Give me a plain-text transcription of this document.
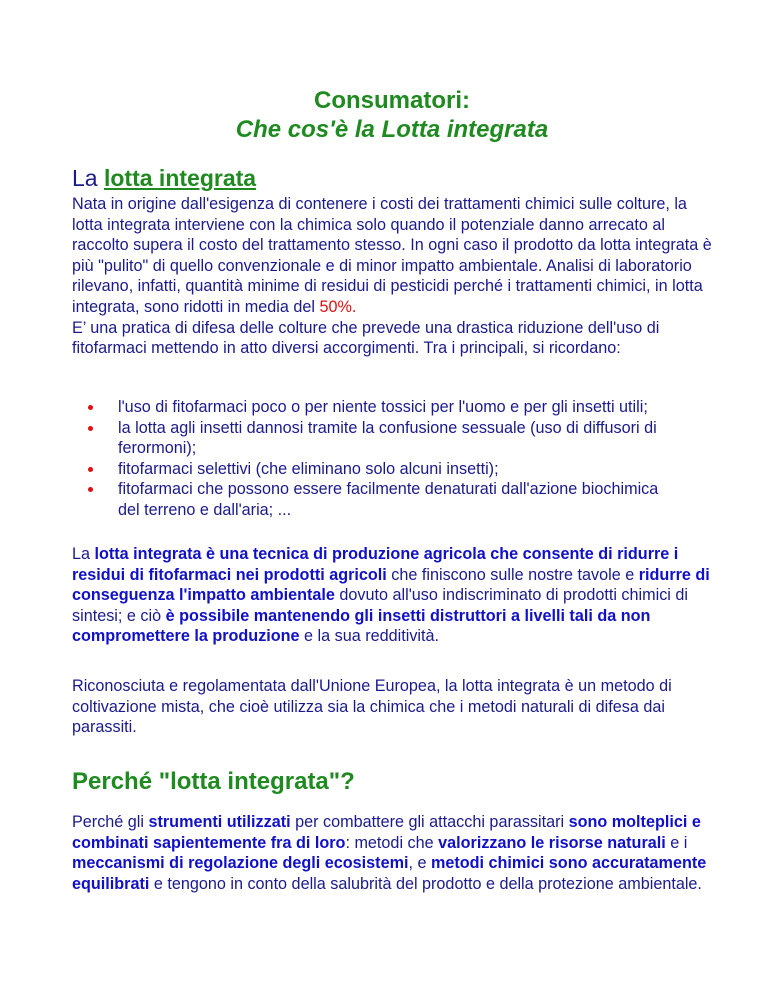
Consumatori:
Che cos'è la Lotta integrata
La lotta integrata

Nata in origine dall'esigenza di contenere i costi dei trattamenti chimici sulle colture, la lotta integrata interviene con la chimica solo quando il potenziale danno arrecato al raccolto supera il costo del trattamento stesso. In ogni caso il prodotto da lotta integrata è più "pulito" di quello convenzionale e di minor impatto ambientale. Analisi di laboratorio rilevano, infatti, quantità minime di residui di pesticidi perché i trattamenti chimici, in lotta integrata, sono ridotti in media del 50%.
E’ una pratica di difesa delle colture che prevede una drastica riduzione dell'uso di fitofarmaci mettendo in atto diversi accorgimenti. Tra i principali, si ricordano:

l'uso di fitofarmaci poco o per niente tossici per l'uomo e per gli insetti utili;
la lotta agli insetti dannosi tramite la confusione sessuale (uso di diffusori di ferormoni);
fitofarmaci selettivi (che eliminano solo alcuni insetti);
fitofarmaci che possono essere facilmente denaturati dall'azione biochimica del terreno e dall'aria; ...

La lotta integrata è una tecnica di produzione agricola che consente di ridurre i residui di fitofarmaci nei prodotti agricoli che finiscono sulle nostre tavole e ridurre di conseguenza l'impatto ambientale dovuto all'uso indiscriminato di prodotti chimici di sintesi; e ciò è possibile mantenendo gli insetti distruttori a livelli tali da non compromettere la produzione e la sua redditività.

Riconosciuta e regolamentata dall'Unione Europea, la lotta integrata è un metodo di coltivazione mista, che cioè utilizza sia la chimica che i metodi naturali di difesa dai parassiti.

Perché "lotta integrata"?

Perché gli strumenti utilizzati per combattere gli attacchi parassitari sono molteplici e combinati sapientemente fra di loro: metodi che valorizzano le risorse naturali e i meccanismi di regolazione degli ecosistemi, e metodi chimici sono accuratamente equilibrati e tengono in conto della salubrità del prodotto e della protezione ambientale.
